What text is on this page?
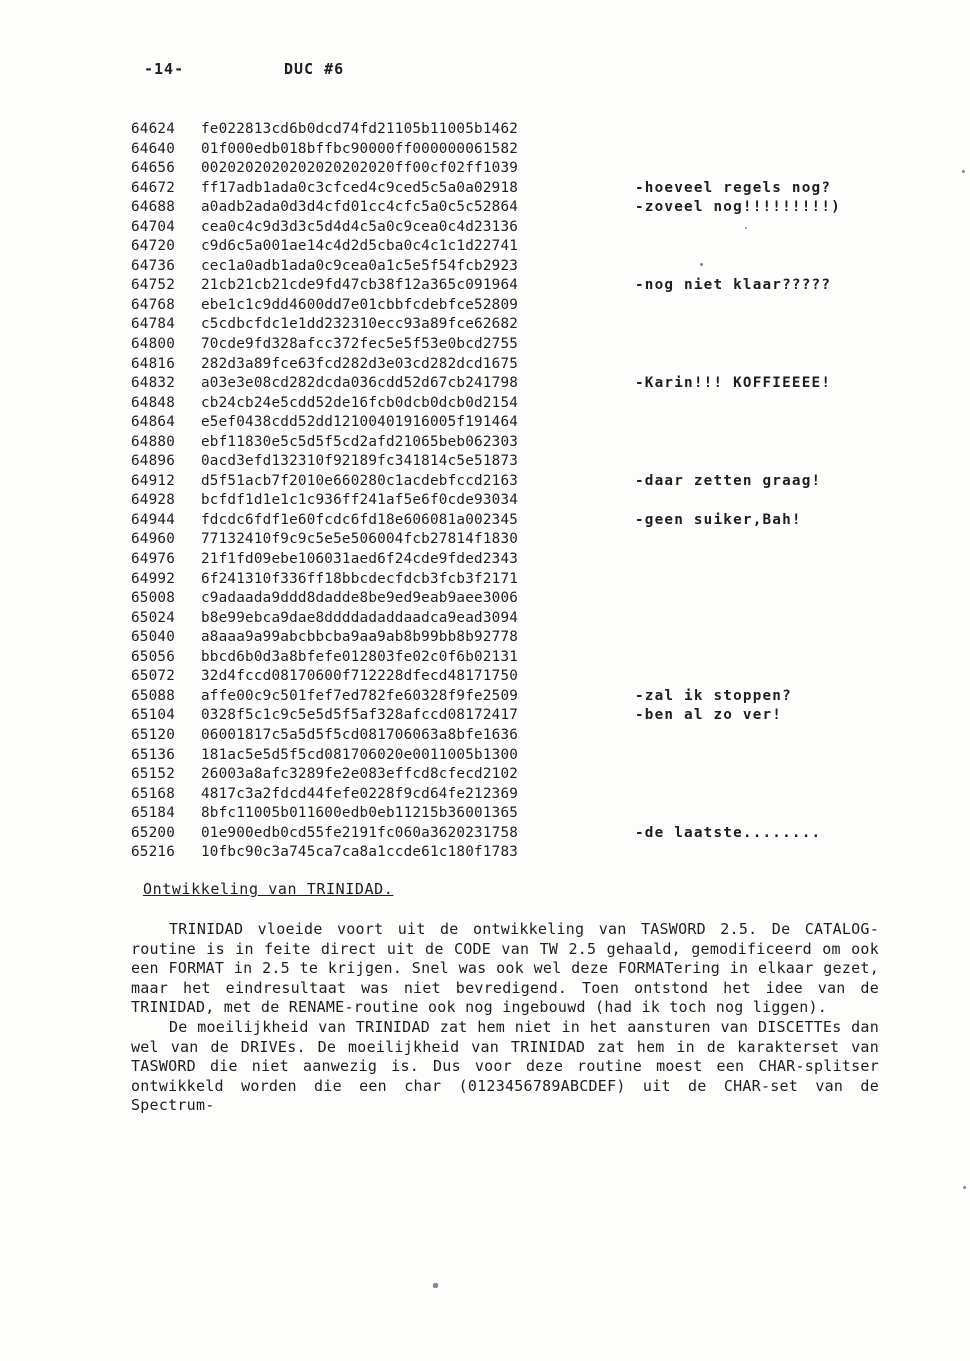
-14-	DUC #6
64624 fe022813cd6b0dcd74fd21105b11005b1462
64640 01f000edb018bffbc90000ff000000061582
64656 0020202020202020202020ff00cf02ff1039
64672 ff17adb1ada0c3cfced4c9ced5c5a0a02918	-hoeveel regels nog?
64688 a0adb2ada0d3d4cfd01cc4cfc5a0c5c52864	-zoveel nog!!!!!!!!!)
64704 cea0c4c9d3d3c5d4d4c5a0c9cea0c4d23136
64720 c9d6c5a001ae14c4d2d5cba0c4c1c1d22741
64736 cec1a0adb1ada0c9cea0a1c5e5f54fcb2923
64752 21cb21cb21cde9fd47cb38f12a365c091964	-nog niet klaar?????
64768 ebe1c1c9dd4600dd7e01cbbfcdebfce52809
64784 c5cdbcfdc1e1dd232310ecc93a89fce62682
64800 70cde9fd328afcc372fec5e5f53e0bcd2755
64816 282d3a89fce63fcd282d3e03cd282dcd1675
64832 a03e3e08cd282dcda036cdd52d67cb241798	-Karin!!! KOFFIEEEE!
64848 cb24cb24e5cdd52de16fcb0dcb0dcb0d2154
64864 e5ef0438cdd52dd12100401916005f191464
64880 ebf11830e5c5d5f5cd2afd21065beb062303
64896 0acd3efd132310f92189fc341814c5e51873
64912 d5f51acb7f2010e660280c1acdebfccd2163	-daar zetten graag!
64928 bcfdf1d1e1c1c936ff241af5e6f0cde93034
64944 fdcdc6fdf1e60fcdc6fd18e606081a002345	-geen suiker,Bah!
64960 77132410f9c9c5e5e506004fcb27814f1830
64976 21f1fd09ebe106031aed6f24cde9fded2343
64992 6f241310f336ff18bbcdecfdcb3fcb3f2171
65008 c9adaada9ddd8dadde8be9ed9eab9aee3006
65024 b8e99ebca9dae8ddddadaddaadca9ead3094
65040 a8aaa9a99abcbbcba9aa9ab8b99bb8b92778
65056 bbcd6b0d3a8bfefe012803fe02c0f6b02131
65072 32d4fccd08170600f712228dfecd48171750
65088 affe00c9c501fef7ed782fe60328f9fe2509	-zal ik stoppen?
65104 0328f5c1c9c5e5d5f5af328afccd08172417	-ben al zo ver!
65120 06001817c5a5d5f5cd081706063a8bfe1636
65136 181ac5e5d5f5cd081706020e0011005b1300
65152 26003a8afc3289fe2e083effcd8cfecd2102
65168 4817c3a2fdcd44fefe0228f9cd64fe212369
65184 8bfc11005b011600edb0eb11215b36001365
65200 01e900edb0cd55fe2191fc060a3620231758	-de laatste........
65216 10fbc90c3a745ca7ca8a1ccde61c180f1783
Ontwikkeling van TRINIDAD.

TRINIDAD vloeide voort uit de ontwikkeling van TASWORD 2.5. De CATALOG-routine is in feite direct uit de CODE van TW 2.5 gehaald, gemodificeerd om ook een FORMAT in 2.5 te krijgen. Snel was ook wel deze FORMATering in elkaar gezet, maar het eindresultaat was niet bevredigend. Toen ontstond het idee van de TRINIDAD, met de RENAME-routine ook nog ingebouwd (had ik toch nog liggen).

De moeilijkheid van TRINIDAD zat hem niet in het aansturen van DISCETTEs dan wel van de DRIVEs. De moeilijkheid van TRINIDAD zat hem in de karakterset van TASWORD die niet aanwezig is. Dus voor deze routine moest een CHAR-splitser ontwikkeld worden die een char (0123456789ABCDEF) uit de CHAR-set van de Spectrum-
